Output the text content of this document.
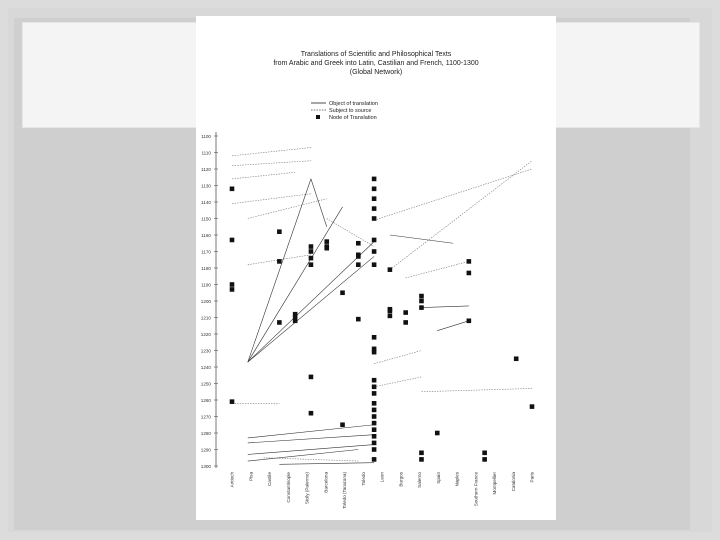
Translations of Scientific and Philosophical Texts
from Arabic and Greek into Latin, Castilian and French, 1100-1300
(Global Network)
Object of translation
Subject to source
Node of Translation
1100
1110
1120
1130
1140
1150
1160
1170
1180
1190
1200
1210
1220
1230
1240
1250
1260
1270
1280
1290
1300
Antioch	Pisa	Castile	Constantinople	Sicily (Palermo)	Barcelona	Toledo (Tarazona)	Toledo	Leon	Burgos	Salerno	Spain	Naples	Southern France	Montpellier	Catalonia	Paris
